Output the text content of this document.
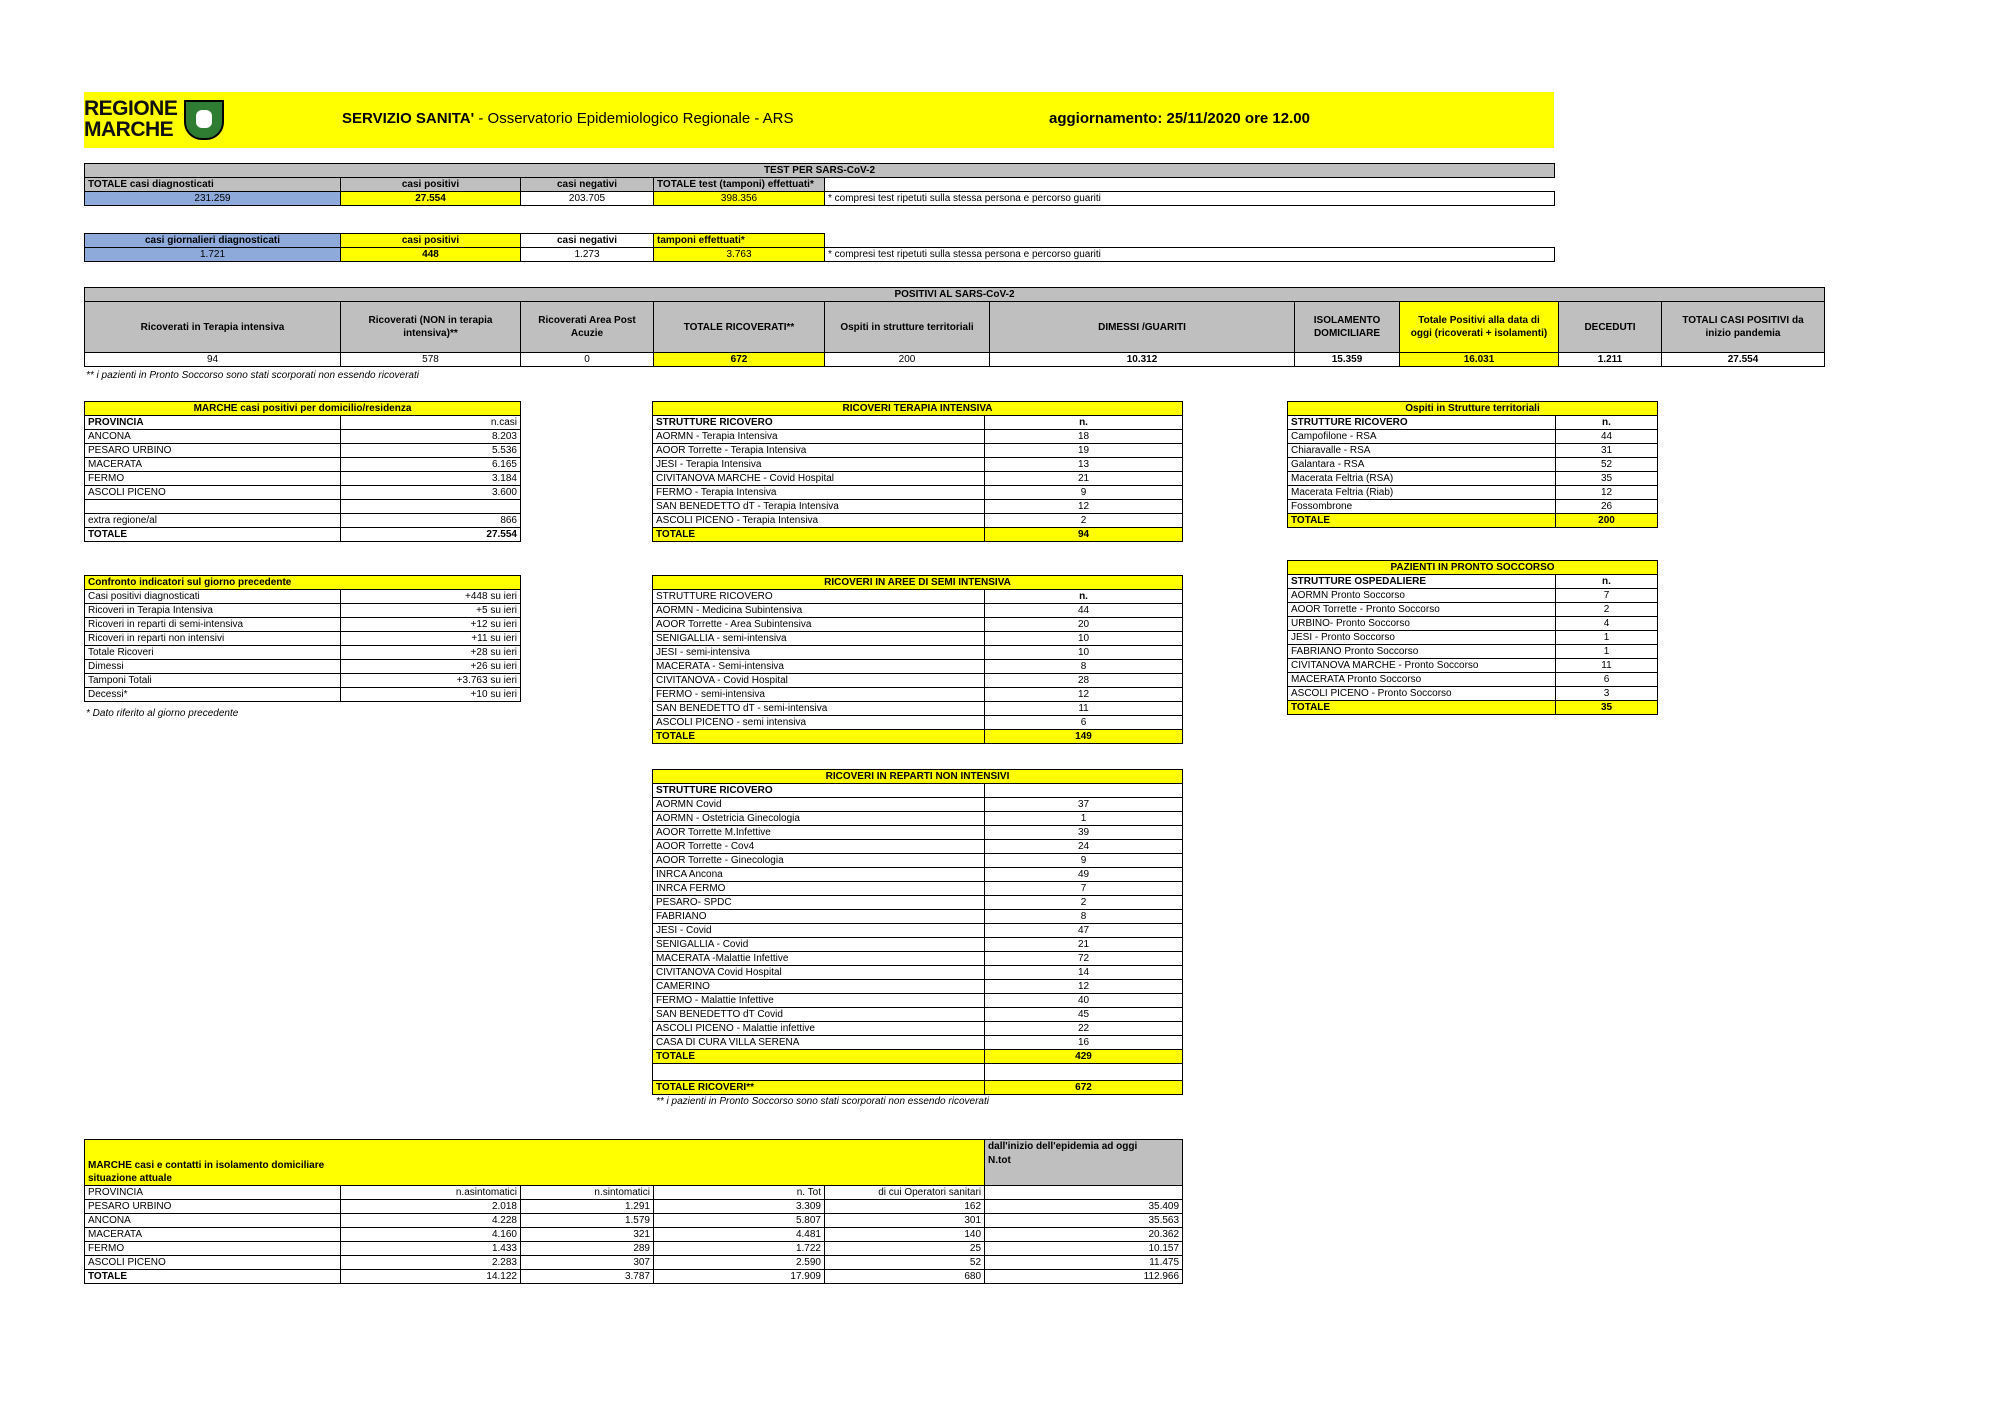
REGIONE
MARCHE	SERVIZIO SANITA' - Osservatorio Epidemiologico Regionale - ARS	aggiornamento: 25/11/2020 ore 12.00
TEST PER SARS-CoV-2				
TOTALE casi diagnosticati	casi positivi	casi negativi	TOTALE test (tamponi) effettuati*	
231.259	27.554	203.705	398.356	* compresi test ripetuti sulla stessa persona e percorso guariti
casi giornalieri diagnosticati	casi positivi	casi negativi	tamponi effettuati*	
1.721	448	1.273	3.763	* compresi test ripetuti sulla stessa persona e percorso guariti
POSITIVI AL SARS-CoV-2									
Ricoverati in Terapia intensiva	Ricoverati (NON in terapia
intensiva)**	Ricoverati Area Post
Acuzie	TOTALE RICOVERATI**	Ospiti in strutture territoriali	DIMESSI /GUARITI	ISOLAMENTO
DOMICILIARE	Totale Positivi alla data di
oggi (ricoverati + isolamenti)	DECEDUTI	TOTALI CASI POSITIVI da
inizio pandemia
94	578	0	672	200	10.312	15.359	16.031	1.211	27.554
** i pazienti in Pronto Soccorso sono stati scorporati non essendo ricoverati
MARCHE casi positivi per domicilio/residenza	
PROVINCIA	n.casi
ANCONA	8.203
PESARO URBINO	5.536
MACERATA	6.165
FERMO	3.184
ASCOLI PICENO	3.600

extra regione/al	866
TOTALE	27.554
Confronto indicatori sul giorno precedente	
Casi positivi diagnosticati	+448 su ieri
Ricoveri in Terapia Intensiva	+5 su ieri
Ricoveri in reparti di semi-intensiva	+12 su ieri
Ricoveri in reparti non intensivi	+11 su ieri
Totale Ricoveri	+28 su ieri
Dimessi	+26 su ieri
Tamponi Totali	+3.763 su ieri
Decessi*	+10 su ieri
* Dato riferito al giorno precedente
RICOVERI TERAPIA INTENSIVA	
STRUTTURE RICOVERO	n.
AORMN - Terapia Intensiva	18
AOOR Torrette - Terapia Intensiva	19
JESI - Terapia Intensiva	13
CIVITANOVA MARCHE - Covid Hospital	21
FERMO - Terapia Intensiva	9
SAN BENEDETTO dT - Terapia Intensiva	12
ASCOLI PICENO - Terapia Intensiva	2
TOTALE	94
RICOVERI IN AREE DI SEMI INTENSIVA	
STRUTTURE RICOVERO	n.
AORMN - Medicina Subintensiva	44
AOOR Torrette - Area Subintensiva	20
SENIGALLIA - semi-intensiva	10
JESI - semi-intensiva	10
MACERATA - Semi-intensiva	8
CIVITANOVA - Covid Hospital	28
FERMO - semi-intensiva	12
SAN BENEDETTO dT - semi-intensiva	11
ASCOLI PICENO - semi intensiva	6
TOTALE	149
RICOVERI IN REPARTI NON INTENSIVI	
STRUTTURE RICOVERO	
AORMN Covid	37
AORMN - Ostetricia Ginecologia	1
AOOR Torrette M.Infettive	39
AOOR Torrette - Cov4	24
AOOR Torrette - Ginecologia	9
INRCA Ancona	49
INRCA FERMO	7
PESARO- SPDC	2
FABRIANO	8
JESI - Covid	47
SENIGALLIA - Covid	21
MACERATA -Malattie Infettive	72
CIVITANOVA Covid Hospital	14
CAMERINO	12
FERMO - Malattie Infettive	40
SAN BENEDETTO dT Covid	45
ASCOLI PICENO - Malattie infettive	22
CASA DI CURA VILLA SERENA	16
TOTALE	429

TOTALE RICOVERI**	672
** i pazienti in Pronto Soccorso sono stati scorporati non essendo ricoverati
Ospiti in Strutture territoriali	
STRUTTURE RICOVERO	n.
Campofilone - RSA	44
Chiaravalle - RSA	31
Galantara - RSA	52
Macerata Feltria (RSA)	35
Macerata Feltria (Riab)	12
Fossombrone	26
TOTALE	200
PAZIENTI IN PRONTO SOCCORSO	
STRUTTURE OSPEDALIERE	n.
AORMN Pronto Soccorso	7
AOOR Torrette - Pronto Soccorso	2
URBINO- Pronto Soccorso	4
JESI - Pronto Soccorso	1
FABRIANO Pronto Soccorso	1
CIVITANOVA MARCHE - Pronto Soccorso	11
MACERATA Pronto Soccorso	6
ASCOLI PICENO - Pronto Soccorso	3
TOTALE	35
MARCHE casi e contatti in isolamento domiciliare					dall'inizio dell'epidemia ad oggi
N.tot
situazione attuale					
PROVINCIA	n.asintomatici	n.sintomatici	n. Tot	di cui Operatori sanitari	
PESARO URBINO	2.018	1.291	3.309	162	35.409
ANCONA	4.228	1.579	5.807	301	35.563
MACERATA	4.160	321	4.481	140	20.362
FERMO	1.433	289	1.722	25	10.157
ASCOLI PICENO	2.283	307	2.590	52	11.475
TOTALE	14.122	3.787	17.909	680	112.966
